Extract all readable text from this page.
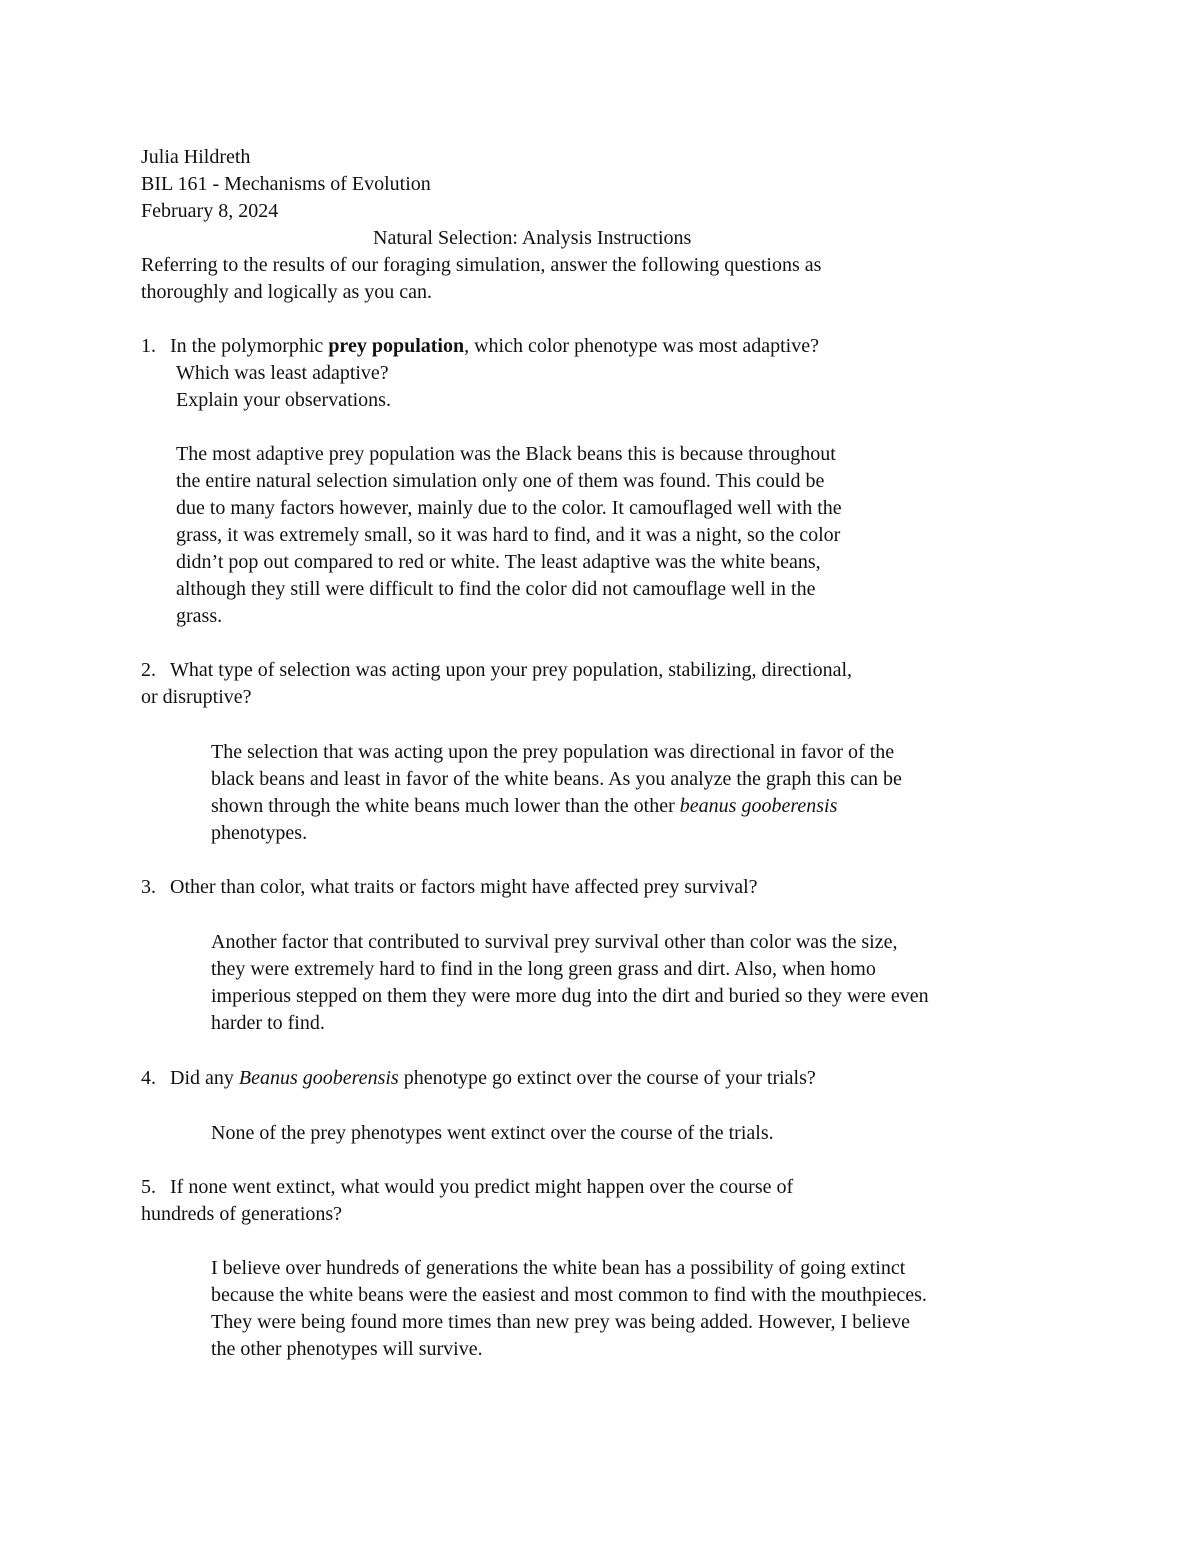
Julia Hildreth
BIL 161 - Mechanisms of Evolution
February 8, 2024
Natural Selection: Analysis Instructions
Referring to the results of our foraging simulation, answer the following questions as
thoroughly and logically as you can.
1. In the polymorphic prey population, which color phenotype was most adaptive?
Which was least adaptive?
Explain your observations.
The most adaptive prey population was the Black beans this is because throughout
the entire natural selection simulation only one of them was found. This could be
due to many factors however, mainly due to the color. It camouflaged well with the
grass, it was extremely small, so it was hard to find, and it was a night, so the color
didn’t pop out compared to red or white. The least adaptive was the white beans,
although they still were difficult to find the color did not camouflage well in the
grass.
2. What type of selection was acting upon your prey population, stabilizing, directional,
or disruptive?
The selection that was acting upon the prey population was directional in favor of the
black beans and least in favor of the white beans. As you analyze the graph this can be
shown through the white beans much lower than the other beanus gooberensis
phenotypes.
3. Other than color, what traits or factors might have affected prey survival?
Another factor that contributed to survival prey survival other than color was the size,
they were extremely hard to find in the long green grass and dirt. Also, when homo
imperious stepped on them they were more dug into the dirt and buried so they were even
harder to find.
4. Did any Beanus gooberensis phenotype go extinct over the course of your trials?
None of the prey phenotypes went extinct over the course of the trials.
5. If none went extinct, what would you predict might happen over the course of
hundreds of generations?
I believe over hundreds of generations the white bean has a possibility of going extinct
because the white beans were the easiest and most common to find with the mouthpieces.
They were being found more times than new prey was being added. However, I believe
the other phenotypes will survive.
